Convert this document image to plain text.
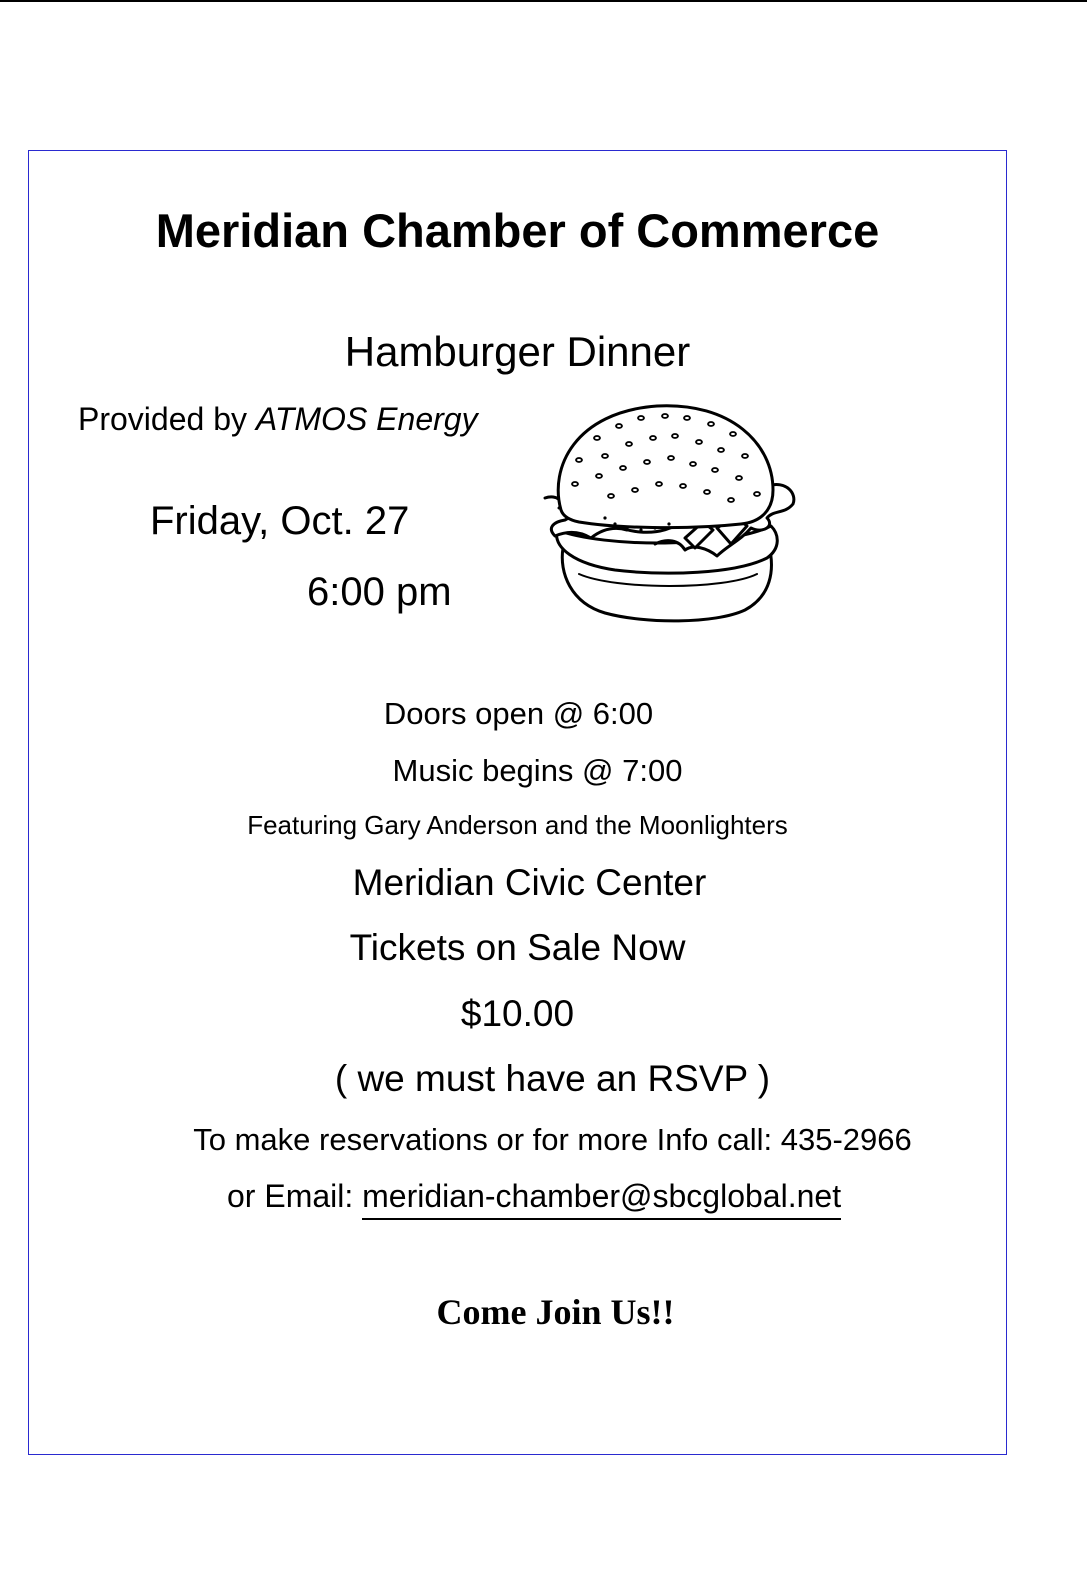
Meridian Chamber of Commerce
Hamburger Dinner
Provided by ATMOS Energy
Friday, Oct. 27
6:00 pm
Doors open @ 6:00
Music begins @ 7:00
Featuring Gary Anderson and the Moonlighters
Meridian Civic Center
Tickets on Sale Now
$10.00
( we must have an RSVP )
To make reservations or for more Info call: 435-2966
or Email: meridian-chamber@sbcglobal.net
Come Join Us!!
